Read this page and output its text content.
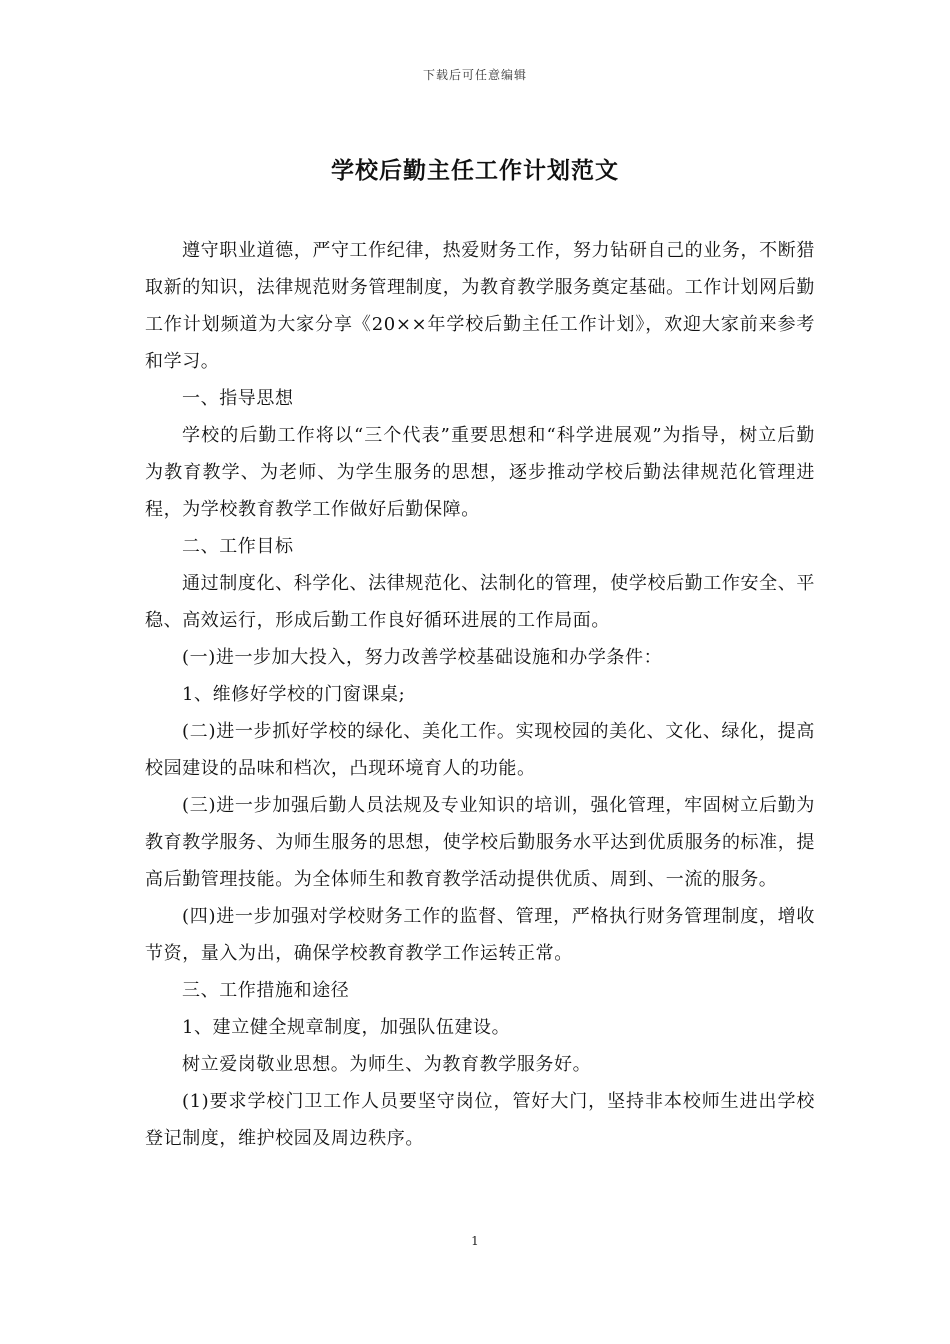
下载后可任意编辑
学校后勤主任工作计划范文

遵守职业道德，严守工作纪律，热爱财务工作，努力钻研自己的业务，不断猎取新的知识，法律规范财务管理制度，为教育教学服务奠定基础。工作计划网后勤工作计划频道为大家分享《20××年学校后勤主任工作计划》，欢迎大家前来参考和学习。

一、指导思想

学校的后勤工作将以“三个代表”重要思想和“科学进展观”为指导，树立后勤为教育教学、为老师、为学生服务的思想，逐步推动学校后勤法律规范化管理进程，为学校教育教学工作做好后勤保障。

二、工作目标

通过制度化、科学化、法律规范化、法制化的管理，使学校后勤工作安全、平稳、高效运行，形成后勤工作良好循环进展的工作局面。

(一)进一步加大投入，努力改善学校基础设施和办学条件：

1、维修好学校的门窗课桌;

(二)进一步抓好学校的绿化、美化工作。实现校园的美化、文化、绿化，提高校园建设的品味和档次，凸现环境育人的功能。

(三)进一步加强后勤人员法规及专业知识的培训，强化管理，牢固树立后勤为教育教学服务、为师生服务的思想，使学校后勤服务水平达到优质服务的标准，提高后勤管理技能。为全体师生和教育教学活动提供优质、周到、一流的服务。

(四)进一步加强对学校财务工作的监督、管理，严格执行财务管理制度，增收节资，量入为出，确保学校教育教学工作运转正常。

三、工作措施和途径

1、建立健全规章制度，加强队伍建设。

树立爱岗敬业思想。为师生、为教育教学服务好。

(1)要求学校门卫工作人员要坚守岗位，管好大门，坚持非本校师生进出学校登记制度，维护校园及周边秩序。

1
